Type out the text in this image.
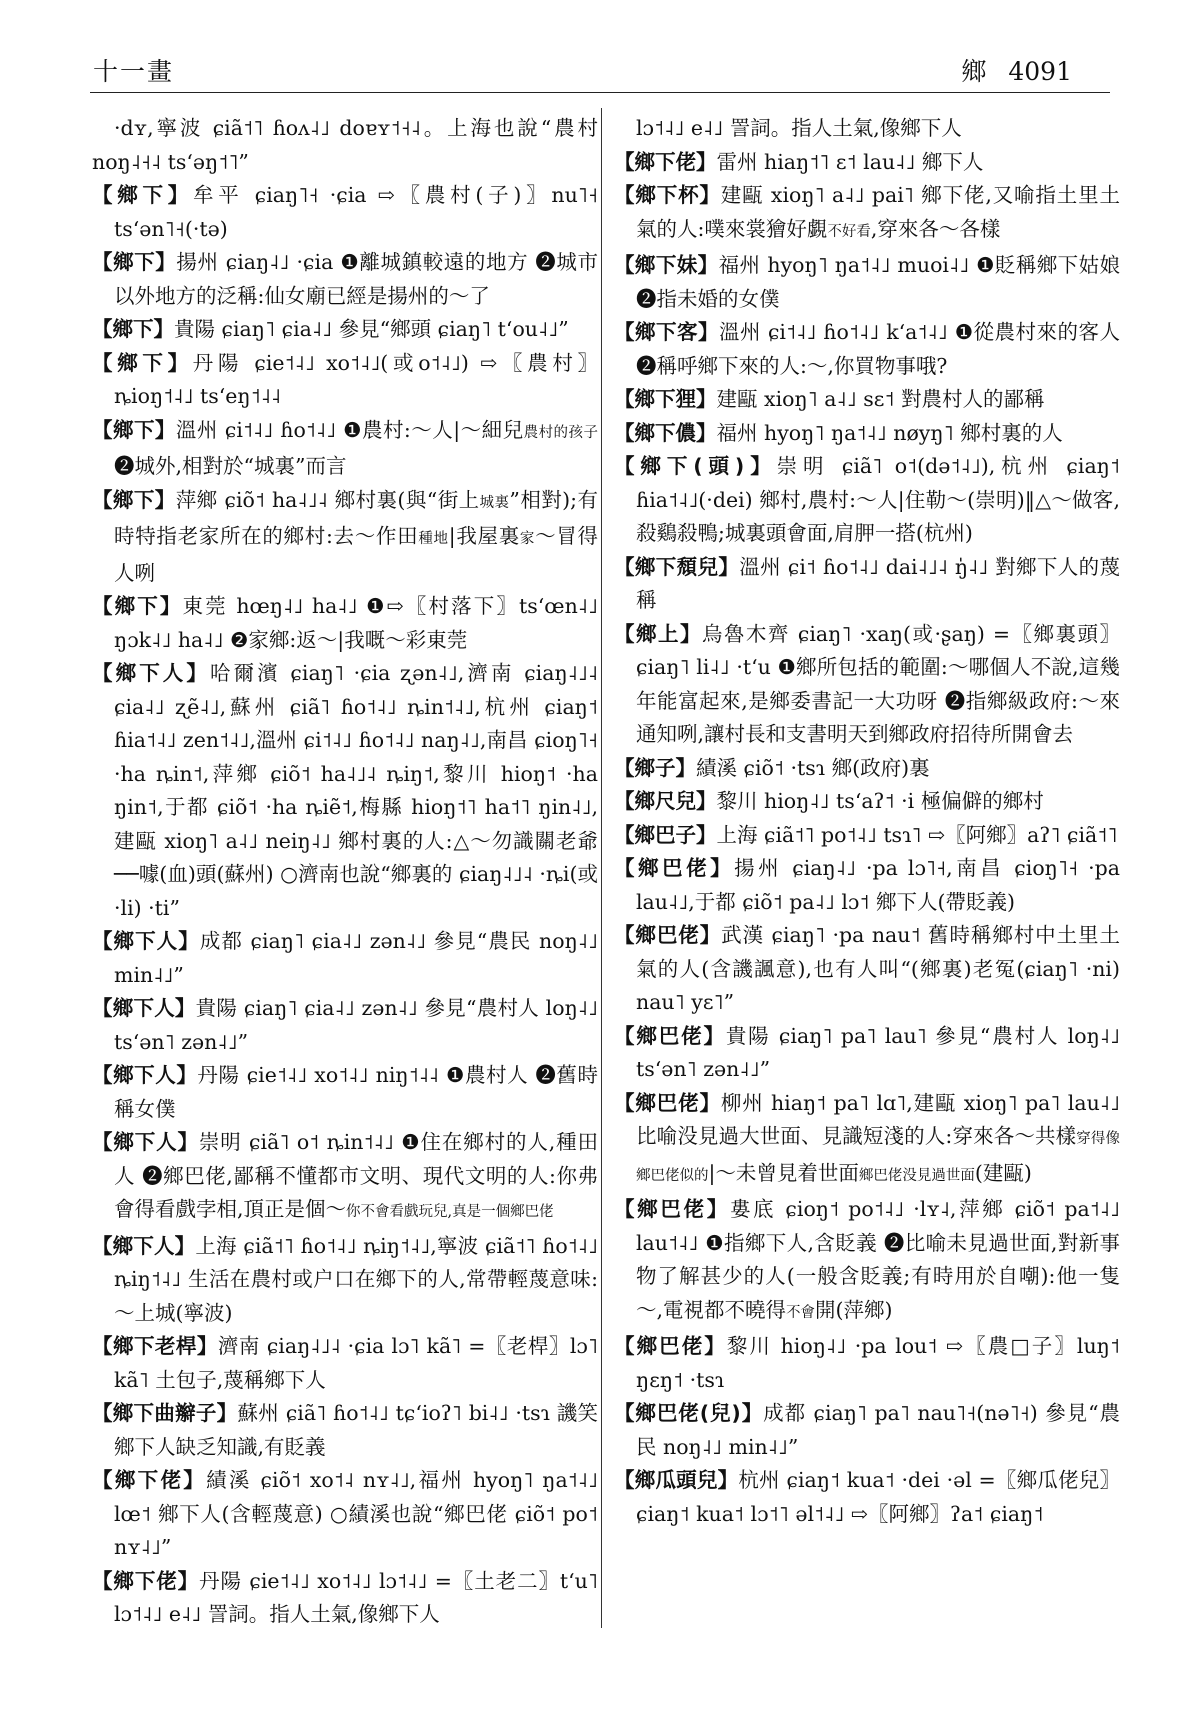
十一畫	鄉 4091
·dʏ,寧波 ɕiã˦˥ ɦoʌ˨˩ doɐʏ˦˧˨。上海也說“農村 noŋ˨˧˨ tsʻəŋ˦˥”
【鄉下】牟平 ɕiaŋ˥˧ ·ɕia ⇨〖農村(子)〗nu˥˧ tsʻən˥˧(·tə)
【鄉下】揚州 ɕiaŋ˨˩ ·ɕia ❶離城鎮較遠的地方 ❷城市以外地方的泛稱:仙女廟已經是揚州的～了
【鄉下】貴陽 ɕiaŋ˥ ɕia˨˩ 參見“鄉頭 ɕiaŋ˥ tʻou˨˩”
【鄉下】丹陽 ɕie˦˨˩ xo˦˨˩(或o˦˨˩) ⇨〖農村〗ȵioŋ˦˨˩ tsʻeŋ˦˨˨
【鄉下】溫州 ɕi˦˨˩ ɦo˦˨˩ ❶農村:～人|～細兒農村的孩子 ❷城外,相對於“城裏”而言
【鄉下】萍鄉 ɕiõ˦ ha˨˩˨ 鄉村裏(與“街上城裏”相對);有時特指老家所在的鄉村:去～作田種地|我屋裏家～冒得人咧
【鄉下】東莞 hœŋ˨˩ ha˨˩ ❶⇨〖村落下〗tsʻœn˨˩ ŋɔk˨˩ ha˨˩ ❷家鄉:返～|我嘅～彩東莞
【鄉下人】哈爾濱 ɕiaŋ˥ ·ɕia ʐən˨˩,濟南 ɕiaŋ˨˩˨ ɕia˨˩ ʐẽ˨˩,蘇州 ɕiã˥ ɦo˦˨˩ ȵin˦˨˩,杭州 ɕiaŋ˦ ɦia˦˨˩ zen˦˨˩,溫州 ɕi˦˨˩ ɦo˦˨˩ naŋ˨˩,南昌 ɕioŋ˥˧ ·ha ȵin˦,萍鄉 ɕiõ˦ ha˨˩˨ ȵiŋ˦,黎川 hioŋ˦ ·ha ŋin˦,于都 ɕiõ˦ ·ha ȵiẽ˦,梅縣 hioŋ˦˥ ha˦˥ ŋin˨˩,建甌 xioŋ˥ a˨˩ neiŋ˨˩ 鄉村裏的人:△～勿識關老爺──噱(血)頭(蘇州) ○濟南也說“鄉裏的 ɕiaŋ˨˩˨ ·ȵi(或·li) ·ti”
【鄉下人】成都 ɕiaŋ˥ ɕia˨˩ zən˨˩ 參見“農民 noŋ˨˩ min˨˩”
【鄉下人】貴陽 ɕiaŋ˥ ɕia˨˩ zən˨˩ 參見“農村人 loŋ˨˩ tsʻən˥ zən˨˩”
【鄉下人】丹陽 ɕie˦˨˩ xo˦˨˩ niŋ˦˨˨ ❶農村人 ❷舊時稱女僕
【鄉下人】崇明 ɕiã˥ o˦ ȵin˦˨˩ ❶住在鄉村的人,種田人 ❷鄉巴佬,鄙稱不懂都市文明、現代文明的人:你弗會得看戲孛相,頂正是個～你不會看戲玩兒,真是一個鄉巴佬
【鄉下人】上海 ɕiã˦˥ ɦo˦˨˩ ȵiŋ˦˨˩,寧波 ɕiã˦˥ ɦo˦˨˩ ȵiŋ˦˨˩ 生活在農村或户口在鄉下的人,常帶輕蔑意味:～上城(寧波)
【鄉下老桿】濟南 ɕiaŋ˨˩˨ ·ɕia lɔ˥ kã˥ =〖老桿〗lɔ˥ kã˥ 土包子,蔑稱鄉下人
【鄉下曲辮子】蘇州 ɕiã˥ ɦo˦˨˩ tɕʻioʔ˥ bi˨˩ ·tsɿ 譏笑鄉下人缺乏知識,有貶義
【鄉下佬】績溪 ɕiõ˦ xo˦˨ nʏ˨˩,福州 hyoŋ˥ ŋa˦˨˩ lœ˦ 鄉下人(含輕蔑意) ○績溪也說“鄉巴佬 ɕiõ˦ po˦ nʏ˨˩”
【鄉下佬】丹陽 ɕie˦˨˩ xo˦˨˩ lɔ˦˨˩ =〖土老二〗tʻu˥ lɔ˦˨˩ e˨˩ 詈詞。指人土氣,像鄉下人
lɔ˦˨˩ e˨˩ 詈詞。指人土氣,像鄉下人
【鄉下佬】雷州 hiaŋ˦˥ ɛ˦ lau˨˩ 鄉下人
【鄉下杯】建甌 xioŋ˥ a˨˩ pai˥ 鄉下佬,又喻指土里土氣的人:噗來裳獪好覷不好看,穿來各～各樣
【鄉下妹】福州 hyoŋ˥ ŋa˦˨˩ muoi˨˩ ❶貶稱鄉下姑娘 ❷指未婚的女僕
【鄉下客】溫州 ɕi˦˨˩ ɦo˦˨˩ kʻa˦˨˩ ❶從農村來的客人 ❷稱呼鄉下來的人:～,你買物事哦?
【鄉下狸】建甌 xioŋ˥ a˨˩ sɛ˦ 對農村人的鄙稱
【鄉下儂】福州 hyoŋ˥ ŋa˦˨˩ nøyŋ˥ 鄉村裏的人
【鄉下(頭)】崇明 ɕiã˥ o˦(də˦˨˩),杭州 ɕiaŋ˦ ɦia˦˨˩(·dei) 鄉村,農村:～人|住勒～(崇明)‖△～做客,殺鷄殺鴨;城裏頭會面,肩胛一搭(杭州)
【鄉下頹兒】溫州 ɕi˦ ɦo˦˨˩ dai˨˩˨ ŋ̍˨˩ 對鄉下人的蔑稱
【鄉上】烏魯木齊 ɕiaŋ˥ ·xaŋ(或·ʂaŋ) =〖鄉裏頭〗ɕiaŋ˥ li˨˩ ·tʻu ❶鄉所包括的範圍:～哪個人不說,這幾年能富起來,是鄉委書記一大功呀 ❷指鄉級政府:～來通知咧,讓村長和支書明天到鄉政府招待所開會去
【鄉子】績溪 ɕiõ˦ ·tsɿ 鄉(政府)裏
【鄉尺兒】黎川 hioŋ˨˩ tsʻaʔ˦ ·i 極偏僻的鄉村
【鄉巴子】上海 ɕiã˦˥ po˦˨˩ tsɿ˥ ⇨〖阿鄉〗aʔ˥ ɕiã˦˥
【鄉巴佬】揚州 ɕiaŋ˨˩ ·pa lɔ˥˧,南昌 ɕioŋ˥˧ ·pa lau˨˩,于都 ɕiõ˦ pa˨˩ lɔ˦ 鄉下人(帶貶義)
【鄉巴佬】武漢 ɕiaŋ˥ ·pa nau˦ 舊時稱鄉村中土里土氣的人(含譏諷意),也有人叫“(鄉裏)老冤(ɕiaŋ˥ ·ni) nau˥ yɛ˥”
【鄉巴佬】貴陽 ɕiaŋ˥ pa˥ lau˥ 參見“農村人 loŋ˨˩ tsʻən˥ zən˨˩”
【鄉巴佬】柳州 hiaŋ˦ pa˥ lɑ˥,建甌 xioŋ˥ pa˥ lau˨˩ 比喻没見過大世面、見識短淺的人:穿來各～共樣穿得像鄉巴佬似的|～未曾見着世面鄉巴佬没見過世面(建甌)
【鄉巴佬】婁底 ɕioŋ˦ po˦˨˩ ·lʏ˨,萍鄉 ɕiõ˦ pa˦˨˩ lau˦˨˩ ❶指鄉下人,含貶義 ❷比喻未見過世面,對新事物了解甚少的人(一般含貶義;有時用於自嘲):他一隻～,電視都不曉得不會開(萍鄉)
【鄉巴佬】黎川 hioŋ˨˩ ·pa lou˦ ⇨〖農□子〗luŋ˦ ŋɛŋ˦ ·tsɿ
【鄉巴佬(兒)】成都 ɕiaŋ˥ pa˥ nau˥˧(nə˥˧) 參見“農民 noŋ˨˩ min˨˩”
【鄉瓜頭兒】杭州 ɕiaŋ˦ kua˦ ·dei ·əl =〖鄉瓜佬兒〗ɕiaŋ˦ kua˦ lɔ˦˥ əl˦˨˩ ⇨〖阿鄉〗ʔa˦ ɕiaŋ˦
